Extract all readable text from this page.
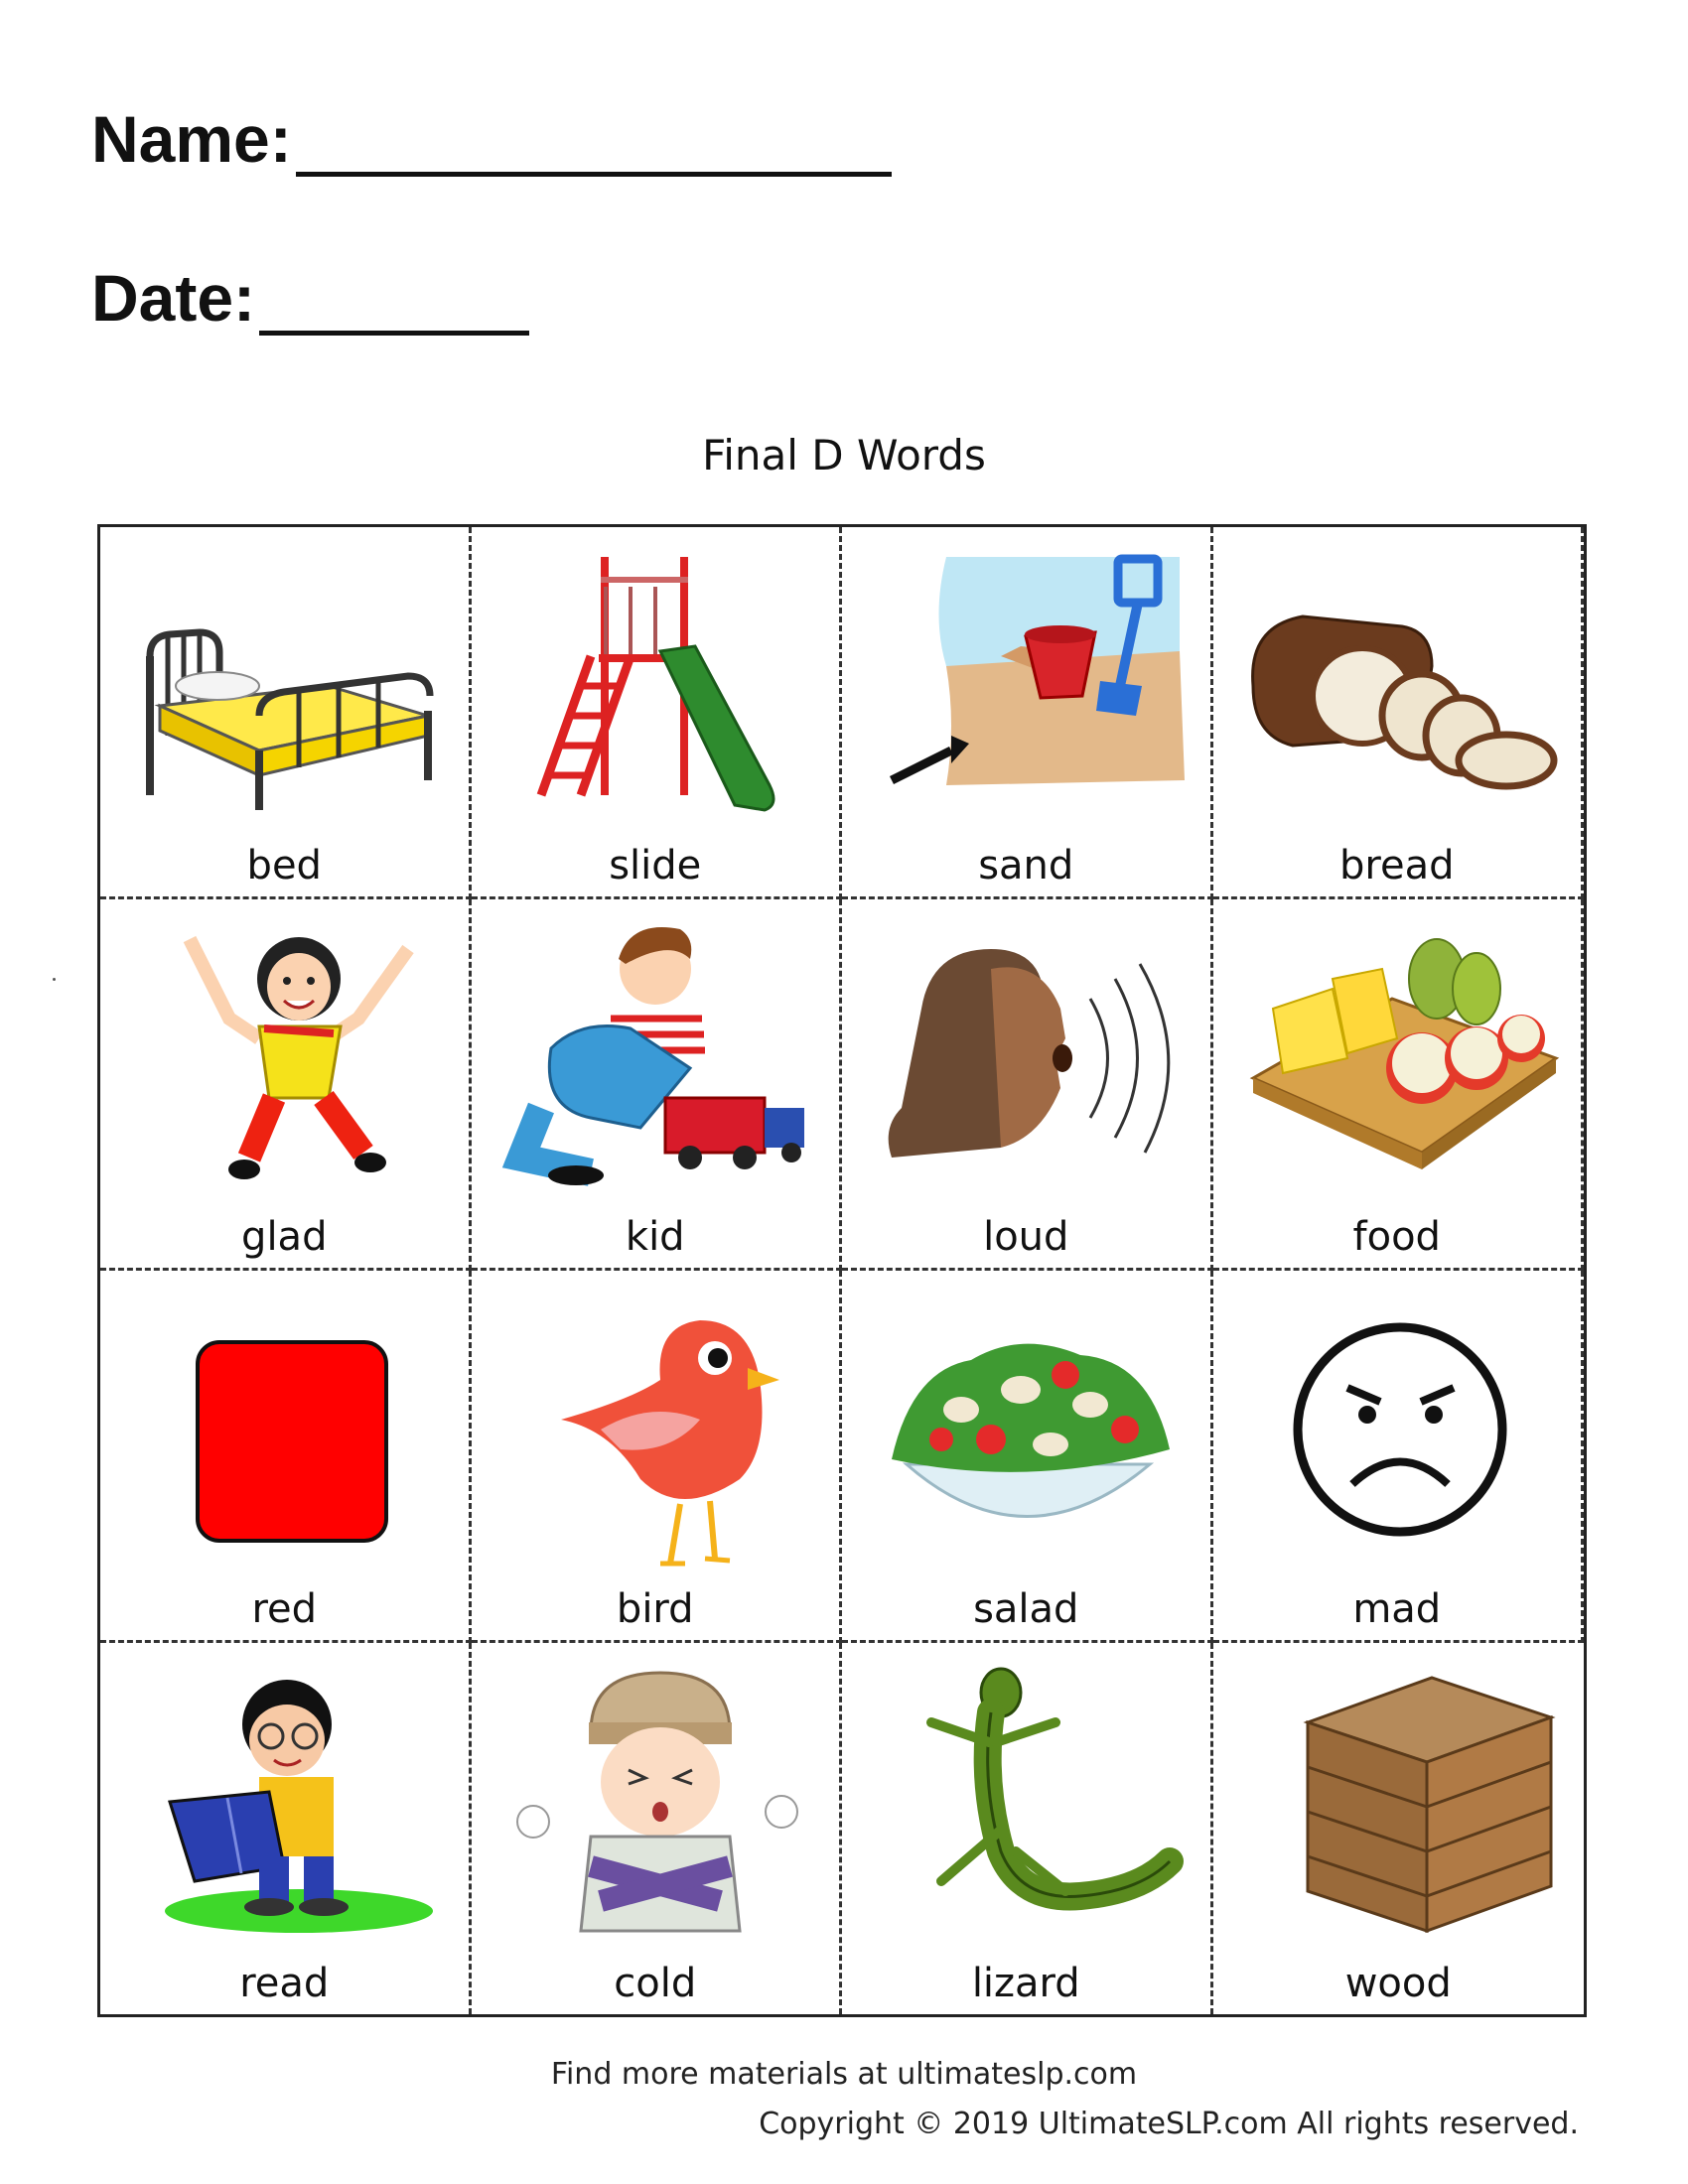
Name:
Date:
Final D Words
bed	slide	sand	bread
glad	kid	loud	food
red	bird	salad	mad
read	cold	lizard	wood
Find more materials at ultimateslp.com
Copyright © 2019 UltimateSLP.com All rights reserved.
